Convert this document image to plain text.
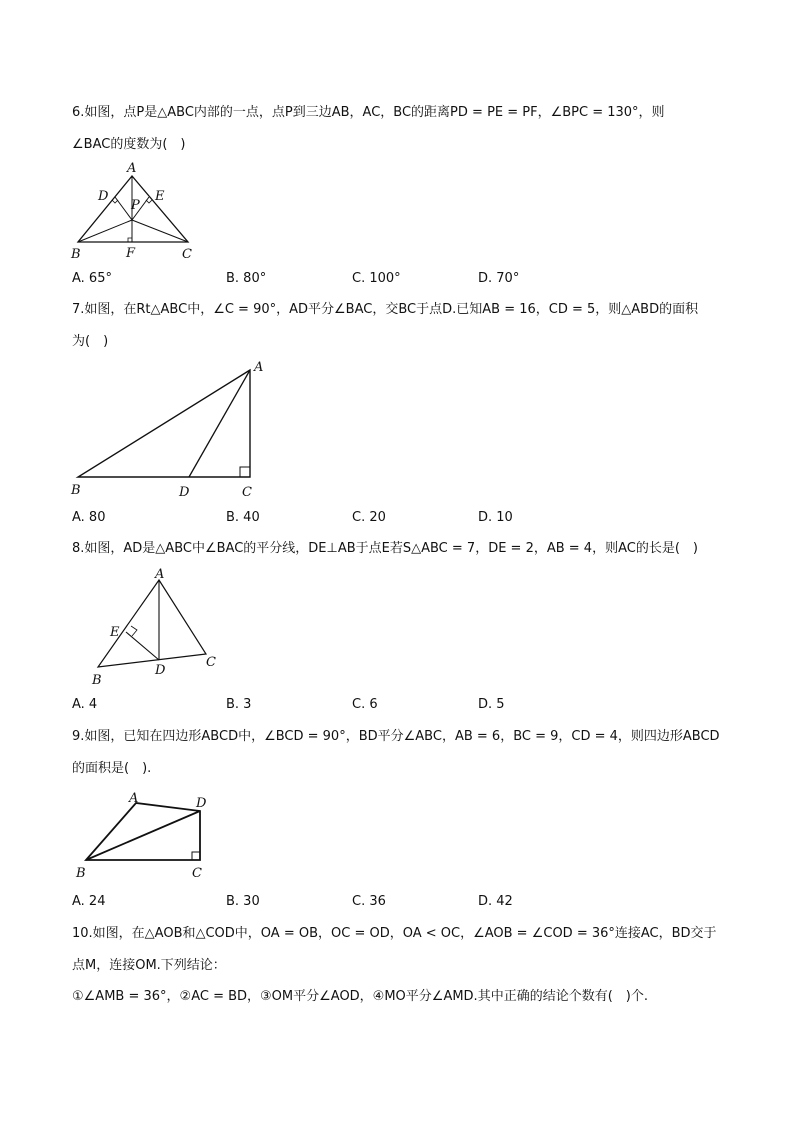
6.如图，点P是△ABC内部的一点，点P到三边AB，AC，BC的距离PD = PE = PF，∠BPC = 130°，则
∠BAC的度数为(　)
A
B	C
D	E
P
F
A. 65°	B. 80°	C. 100°	D. 70°
7.如图，在Rt△ABC中，∠C = 90°，AD平分∠BAC，交BC于点D.已知AB = 16，CD = 5，则△ABD的面积
为(　)
A
B	D	C
A. 80	B. 40	C. 20	D. 10
8.如图，AD是△ABC中∠BAC的平分线，DE⊥AB于点E若S△ABC = 7，DE = 2，AB = 4，则AC的长是(　)
A
E
D
C
B
A. 4	B. 3	C. 6	D. 5
9.如图，已知在四边形ABCD中，∠BCD = 90°，BD平分∠ABC，AB = 6，BC = 9，CD = 4，则四边形ABCD
的面积是(　).
A	D
B	C
A. 24	B. 30	C. 36	D. 42
10.如图，在△AOB和△COD中，OA = OB，OC = OD，OA < OC，∠AOB = ∠COD = 36°连接AC，BD交于
点M，连接OM.下列结论：
①∠AMB = 36°，②AC = BD，③OM平分∠AOD，④MO平分∠AMD.其中正确的结论个数有(　)个.
